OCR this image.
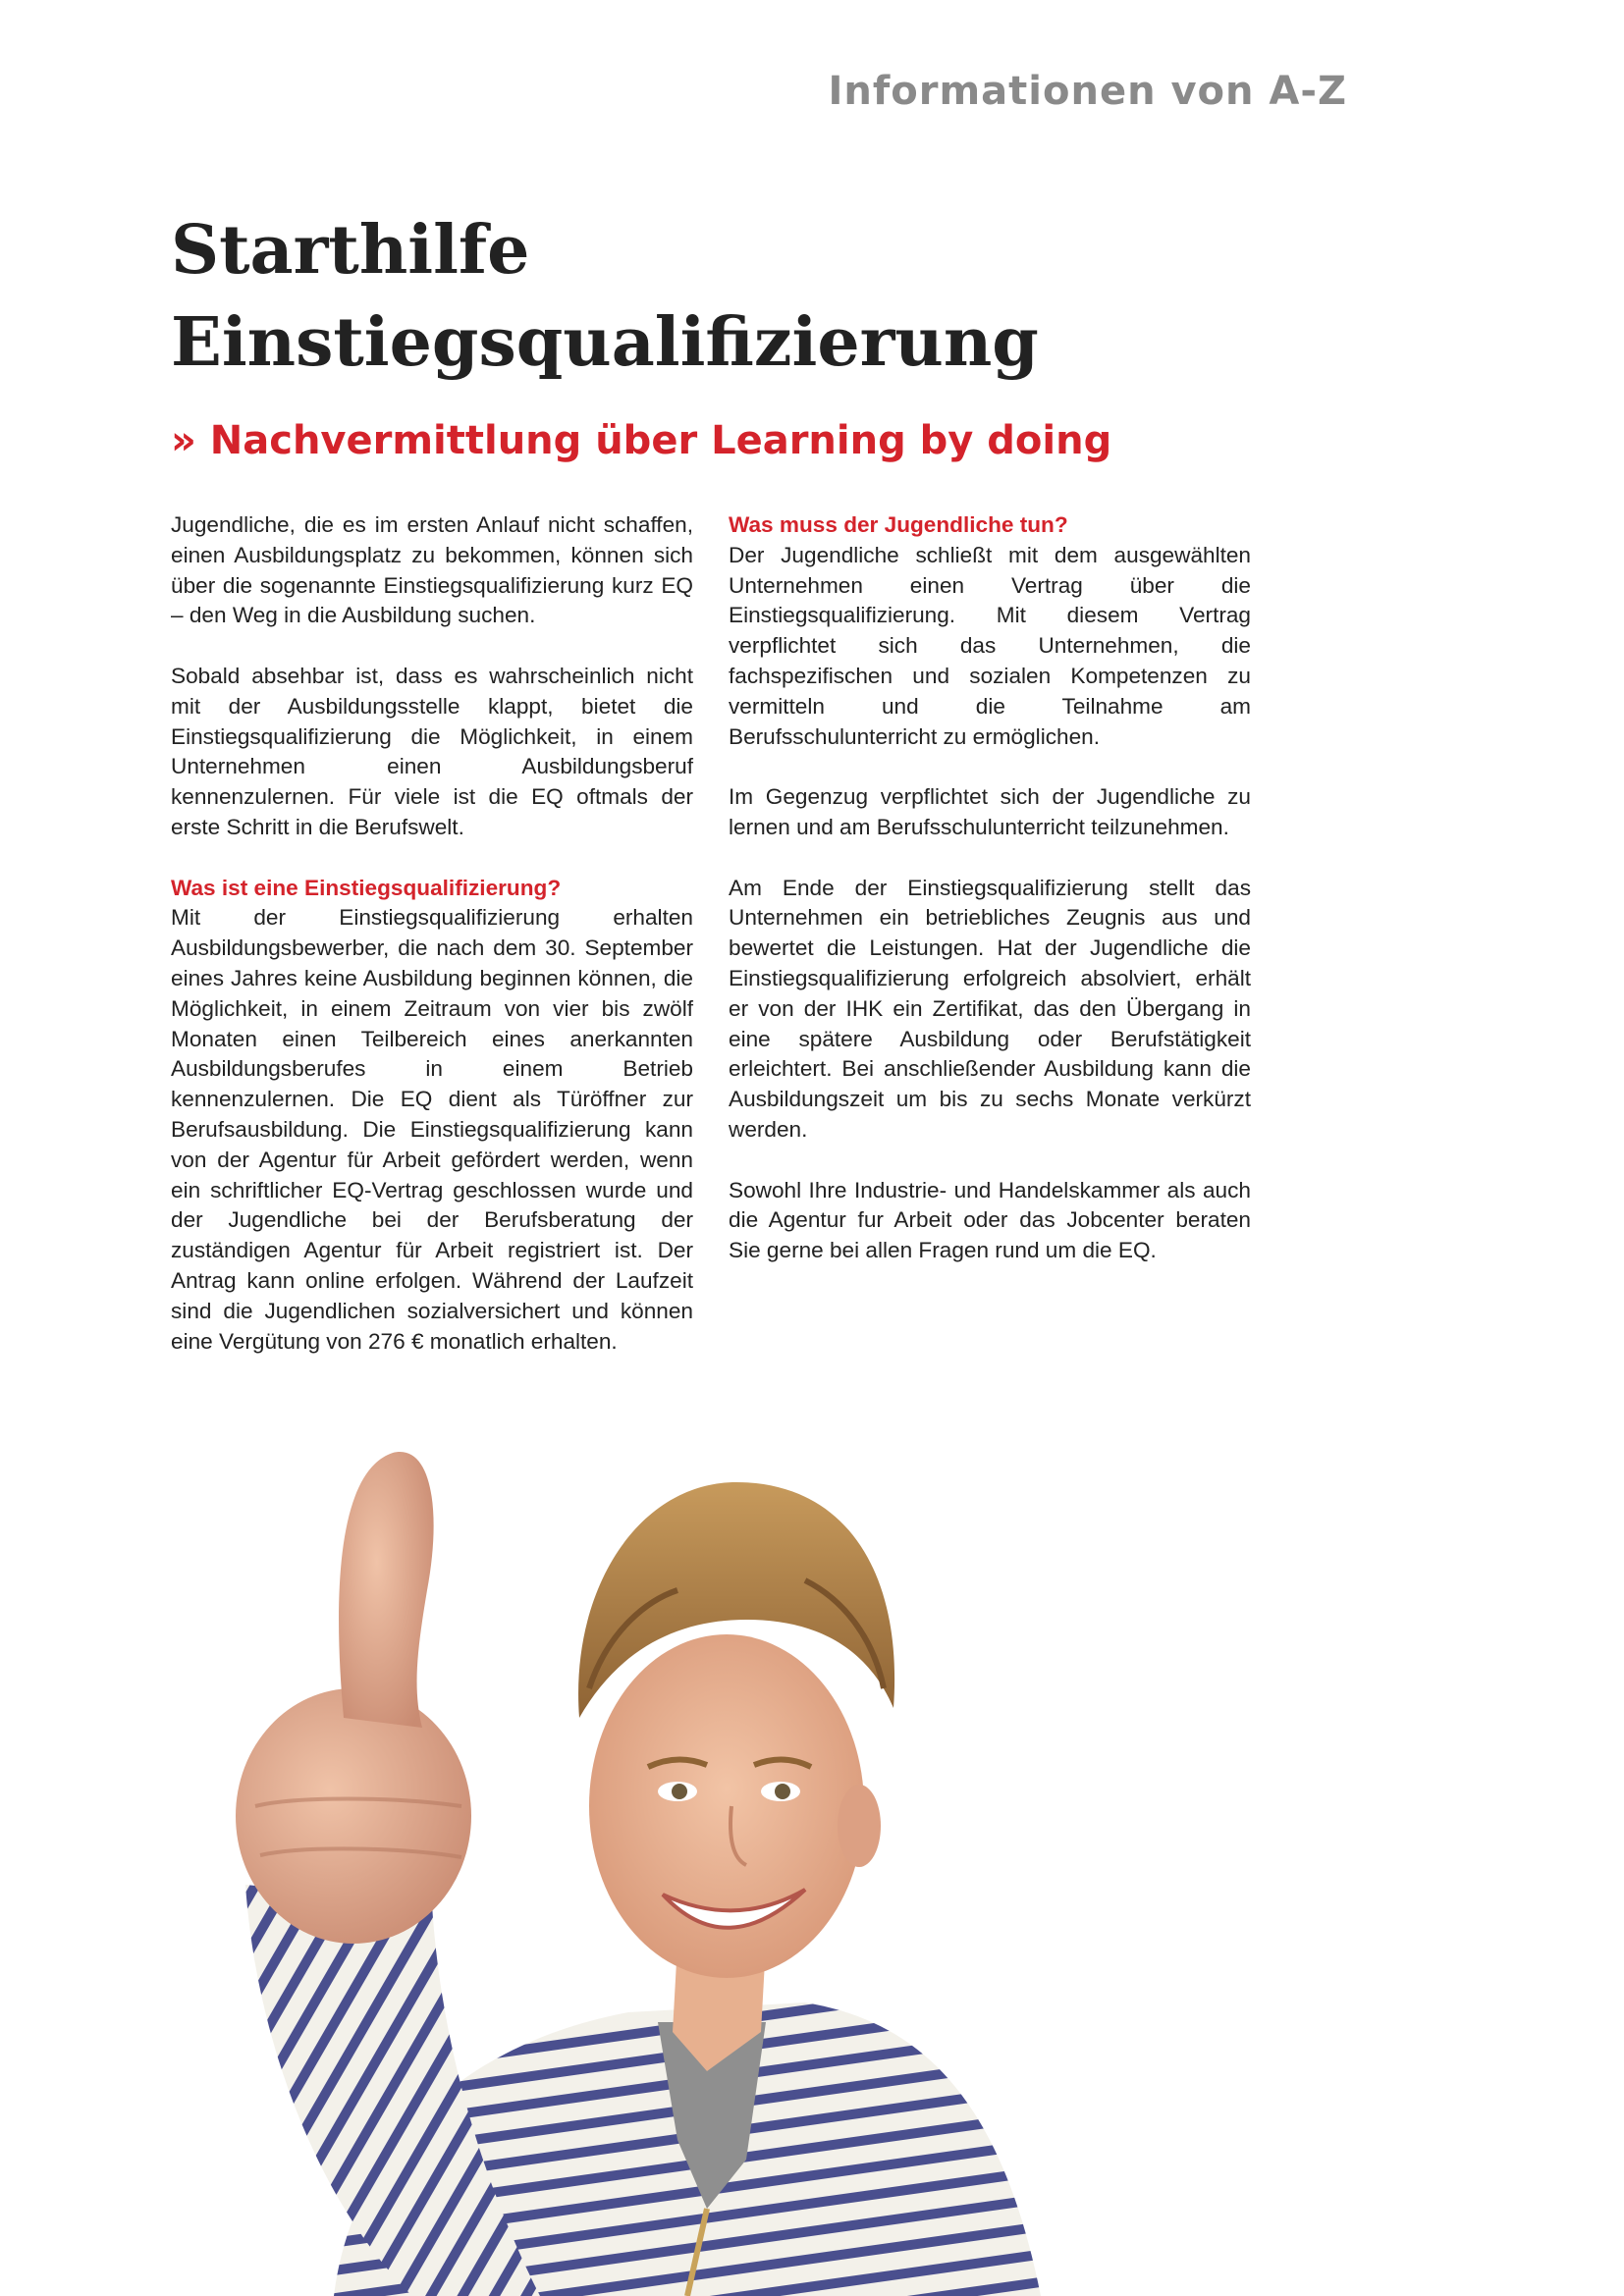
Informationen von A-Z
Starthilfe
Einstiegsqualifizierung
» Nachvermittlung über Learning by doing

Jugendliche, die es im ersten Anlauf nicht schaffen, einen Ausbildungsplatz zu bekommen, können sich über die sogenannte Einstiegsqualifizierung kurz EQ – den Weg in die Ausbildung suchen.

Sobald absehbar ist, dass es wahrscheinlich nicht mit der Ausbildungsstelle klappt, bietet die Einstiegsqualifizierung die Möglichkeit, in einem Unternehmen einen Ausbildungsberuf kennenzulernen. Für viele ist die EQ oftmals der erste Schritt in die Berufswelt.

Was ist eine Einstiegsqualifizierung?

Mit der Einstiegsqualifizierung erhalten Ausbildungsbewerber, die nach dem 30. September eines Jahres keine Ausbildung beginnen können, die Möglichkeit, in einem Zeitraum von vier bis zwölf Monaten einen Teilbereich eines anerkannten Ausbildungsberufes in einem Betrieb kennenzulernen. Die EQ dient als Türöffner zur Berufsausbildung. Die Einstiegsqualifizierung kann von der Agentur für Arbeit gefördert werden, wenn ein schriftlicher EQ-Vertrag geschlossen wurde und der Jugendliche bei der Berufsberatung der zuständigen Agentur für Arbeit registriert ist. Der Antrag kann online erfolgen. Während der Laufzeit sind die Jugendlichen sozialversichert und können eine Vergütung von 276 € monatlich erhalten.

Was muss der Jugendliche tun?

Der Jugendliche schließt mit dem ausgewählten Unternehmen einen Vertrag über die Einstiegsqualifizierung. Mit diesem Vertrag verpflichtet sich das Unternehmen, die fachspezifischen und sozialen Kompetenzen zu vermitteln und die Teilnahme am Berufsschulunterricht zu ermöglichen.

Im Gegenzug verpflichtet sich der Jugendliche zu lernen und am Berufsschulunterricht teilzunehmen.

Am Ende der Einstiegsqualifizierung stellt das Unternehmen ein betriebliches Zeugnis aus und bewertet die Leistungen. Hat der Jugendliche die Einstiegsqualifizierung erfolgreich absolviert, erhält er von der IHK ein Zertifikat, das den Übergang in eine spätere Ausbildung oder Berufstätigkeit erleichtert. Bei anschließender Ausbildung kann die Ausbildungszeit um bis zu sechs Monate verkürzt werden.

Sowohl Ihre Industrie- und Handelskammer als auch die Agentur fur Arbeit oder das Jobcenter beraten Sie gerne bei allen Fragen rund um die EQ.
